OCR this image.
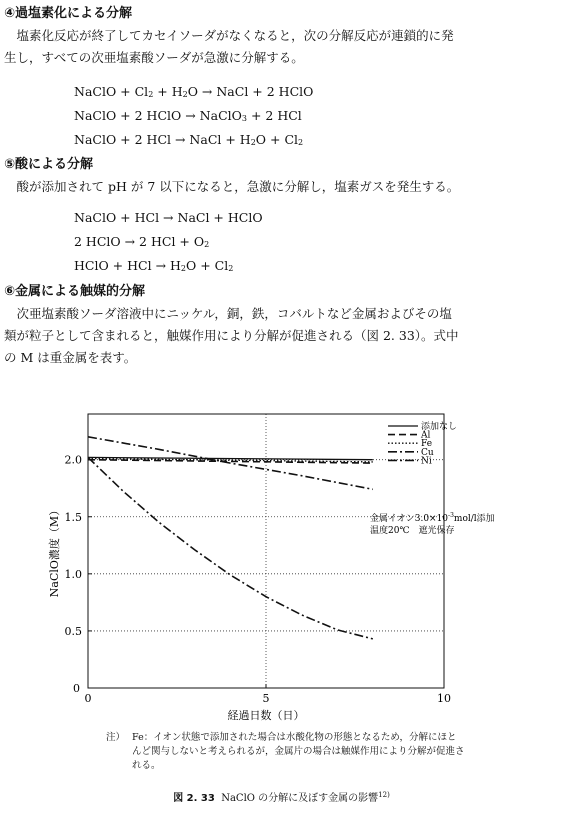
④過塩素化による分解
塩素化反応が終了してカセイソーダがなくなると，次の分解反応が連鎖的に発
生し，すべての次亜塩素酸ソーダが急激に分解する。
NaClO + $Cl_2 + H_2O$ → NaCl + 2 HClO
NaClO + 2 HClO → NaClO$_3$ + 2 HCl
NaClO + 2 HCl → NaCl + $H_2O + Cl_2$
⑤酸による分解
酸が添加されて pH が 7 以下になると，急激に分解し，塩素ガスを発生する。
NaClO + HCl → NaCl + HClO
2 HClO → 2 HCl + $O_2$
HClO + HCl → $H_2O + Cl_2$
⑥金属による触媒的分解
次亜塩素酸ソーダ溶液中にニッケル，銅，鉄，コバルトなど金属およびその塩
類が粒子として含まれると，触媒作用により分解が促進される（図 2. 33）。式中
の M は重金属を表す。
0.5
1.0
1.5
2.0
0	5	10
0
経過日数（日）
NaClO濃度（M）
添加なし
Al
Fe
Cu
Ni
金属イオン$3.0\times 10^{-3}mol/l$添加
温度20℃　遮光保存
注） Fe：イオン状態で添加された場合は水酸化物の形態となるため，分解にほとんど関与しないと考えられるが，金属片の場合は触媒作用により分解が促進される。
図 2. 33 NaClO の分解に及ぼす金属の影響$^{12)}$
